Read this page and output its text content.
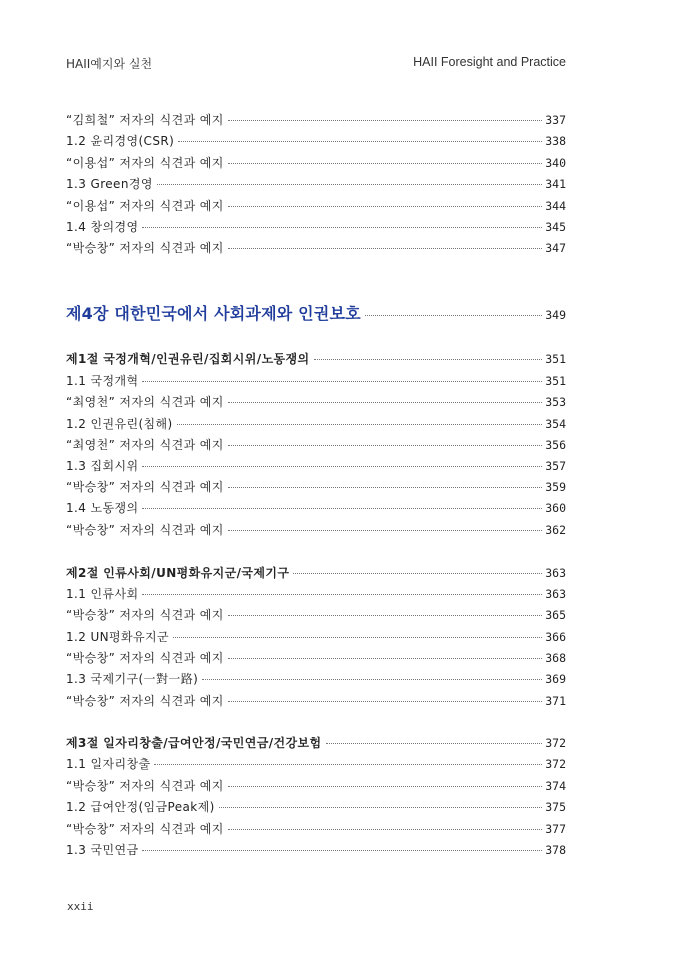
HAII예지와 실천	HAII Foresight and Practice
“김희철” 저자의 식견과 예지	337
1.2 윤리경영(CSR)	338
“이용섭” 저자의 식견과 예지	340
1.3 Green경영	341
“이용섭” 저자의 식견과 예지	344
1.4 창의경영	345
“박승창” 저자의 식견과 예지	347
제4장 대한민국에서 사회과제와 인권보호	349
제1절 국정개혁/인권유린/집회시위/노동쟁의	351
1.1 국정개혁	351
“최영천” 저자의 식견과 예지	353
1.2 인권유린(침해)	354
“최영천” 저자의 식견과 예지	356
1.3 집회시위	357
“박승창” 저자의 식견과 예지	359
1.4 노동쟁의	360
“박승창” 저자의 식견과 예지	362
제2절 인류사회/UN평화유지군/국제기구	363
1.1 인류사회	363
“박승창” 저자의 식견과 예지	365
1.2 UN평화유지군	366
“박승창” 저자의 식견과 예지	368
1.3 국제기구(一對一路)	369
“박승창” 저자의 식견과 예지	371
제3절 일자리창출/급여안정/국민연금/건강보험	372
1.1 일자리창출	372
“박승창” 저자의 식견과 예지	374
1.2 급여안정(임금Peak제)	375
“박승창” 저자의 식견과 예지	377
1.3 국민연금	378
xxii
